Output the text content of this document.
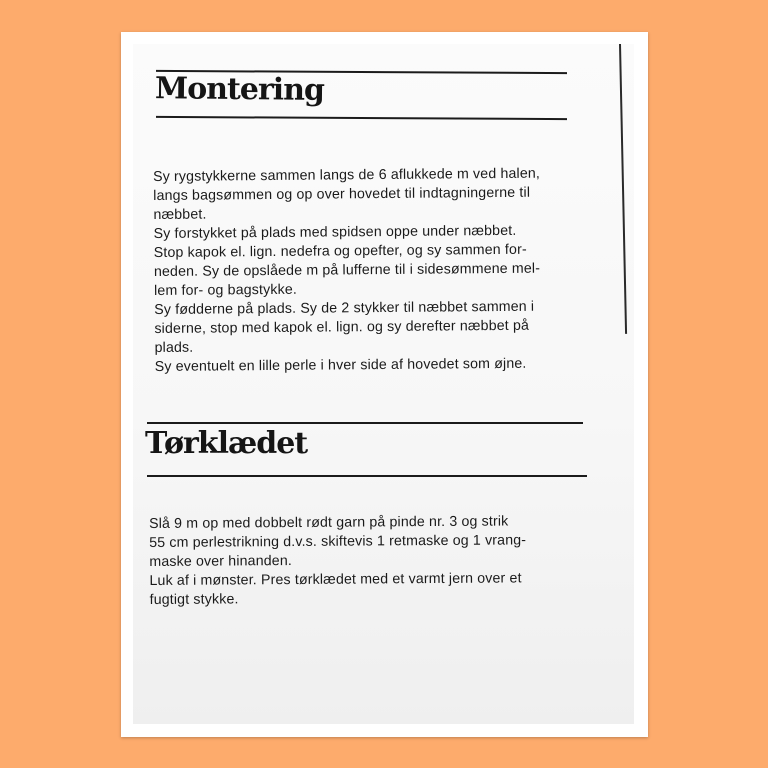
Montering
Sy rygstykkerne sammen langs de 6 aflukkede m ved halen,
langs bagsømmen og op over hovedet til indtagningerne til
næbbet.
Sy forstykket på plads med spidsen oppe under næbbet.
Stop kapok el. lign. nedefra og opefter, og sy sammen for-
neden. Sy de opslåede m på lufferne til i sidesømmene mel-
lem for- og bagstykke.
Sy fødderne på plads. Sy de 2 stykker til næbbet sammen i
siderne, stop med kapok el. lign. og sy derefter næbbet på
plads.
Sy eventuelt en lille perle i hver side af hovedet som øjne.
Tørklædet
Slå 9 m op med dobbelt rødt garn på pinde nr. 3 og strik
55 cm perlestrikning d.v.s. skiftevis 1 retmaske og 1 vrang-
maske over hinanden.
Luk af i mønster. Pres tørklædet med et varmt jern over et
fugtigt stykke.
